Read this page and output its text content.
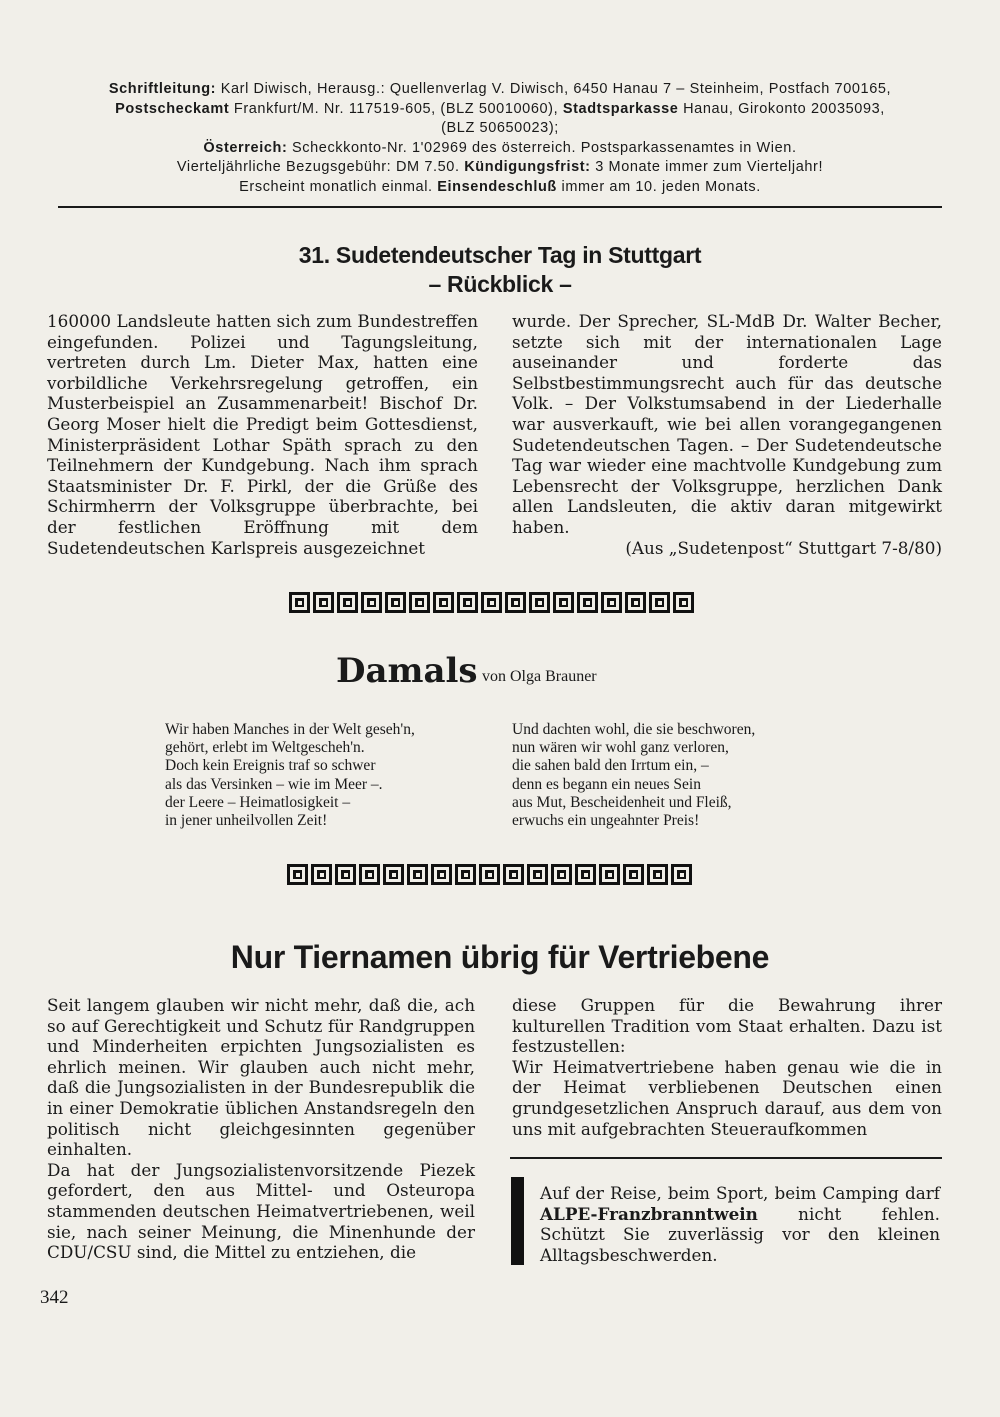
Schriftleitung: Karl Diwisch, Herausg.: Quellenverlag V. Diwisch, 6450 Hanau 7 – Steinheim, Postfach 700165,
Postscheckamt Frankfurt/M. Nr. 117519-605, (BLZ 50010060), Stadtsparkasse Hanau, Girokonto 20035093,
(BLZ 50650023);
Österreich: Scheckkonto-Nr. 1'02969 des österreich. Postsparkassenamtes in Wien.
Vierteljährliche Bezugsgebühr: DM 7.50. Kündigungsfrist: 3 Monate immer zum Vierteljahr!
Erscheint monatlich einmal. Einsendeschluß immer am 10. jeden Monats.
31. Sudetendeutscher Tag in Stuttgart
– Rückblick –

160000 Landsleute hatten sich zum Bundestreffen eingefunden. Polizei und Tagungsleitung, vertreten durch Lm. Dieter Max, hatten eine vorbildliche Verkehrsregelung getroffen, ein Musterbeispiel an Zusammenarbeit! Bischof Dr. Georg Moser hielt die Predigt beim Gottesdienst, Ministerpräsident Lothar Späth sprach zu den Teilnehmern der Kundgebung. Nach ihm sprach Staatsminister Dr. F. Pirkl, der die Grüße des Schirmherrn der Volksgruppe überbrachte, bei der festlichen Eröffnung mit dem Sudetendeutschen Karlspreis ausgezeichnet

wurde. Der Sprecher, SL-MdB Dr. Walter Becher, setzte sich mit der internationalen Lage auseinander und forderte das Selbstbestimmungsrecht auch für das deutsche Volk. – Der Volkstumsabend in der Liederhalle war ausverkauft, wie bei allen vorangegangenen Sudetendeutschen Tagen. – Der Sudetendeutsche Tag war wieder eine machtvolle Kundgebung zum Lebensrecht der Volksgruppe, herzlichen Dank allen Landsleuten, die aktiv daran mitgewirkt haben.

(Aus „Sudetenpost“ Stuttgart 7-8/80)

Damals von Olga Brauner
Wir haben Manches in der Welt geseh'n,
gehört, erlebt im Weltgescheh'n.
Doch kein Ereignis traf so schwer
als das Versinken – wie im Meer –.
der Leere – Heimatlosigkeit –
in jener unheilvollen Zeit!
Und dachten wohl, die sie beschworen,
nun wären wir wohl ganz verloren,
die sahen bald den Irrtum ein, –
denn es begann ein neues Sein
aus Mut, Bescheidenheit und Fleiß,
erwuchs ein ungeahnter Preis!
Nur Tiernamen übrig für Vertriebene

Seit langem glauben wir nicht mehr, daß die, ach so auf Gerechtigkeit und Schutz für Randgruppen und Minderheiten erpichten Jungsozialisten es ehrlich meinen. Wir glauben auch nicht mehr, daß die Jungsozialisten in der Bundesrepublik die in einer Demokratie üblichen Anstandsregeln den politisch nicht gleichgesinnten gegenüber einhalten.

Da hat der Jungsozialistenvorsitzende Piezek gefordert, den aus Mittel- und Osteuropa stammenden deutschen Heimatvertriebenen, weil sie, nach seiner Meinung, die Minenhunde der CDU/CSU sind, die Mittel zu entziehen, die

diese Gruppen für die Bewahrung ihrer kulturellen Tradition vom Staat erhalten. Dazu ist festzustellen:

Wir Heimatvertriebene haben genau wie die in der Heimat verbliebenen Deutschen einen grundgesetzlichen Anspruch darauf, aus dem von uns mit aufgebrachten Steueraufkommen

Auf der Reise, beim Sport, beim Camping darf ALPE-Franzbranntwein nicht fehlen. Schützt Sie zuverlässig vor den kleinen Alltagsbeschwerden.
342
